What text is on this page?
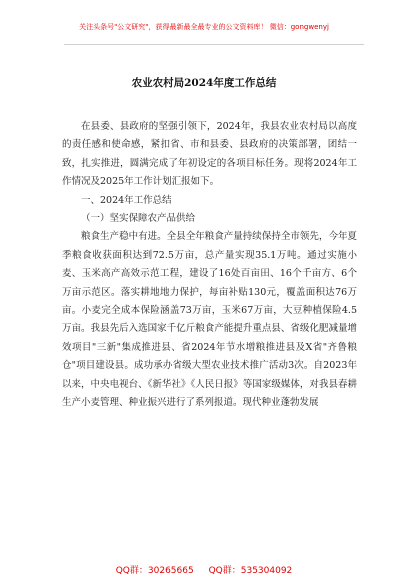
关注头条号"公文研究"，获得最新最全最专业的公文资料库！ 微信：gongwenyj
农业农村局2024年度工作总结

在县委、县政府的坚强引领下，2024年，我县农业农村局以高度的责任感和使命感，紧扣省、市和县委、县政府的决策部署，团结一致，扎实推进，圆满完成了年初设定的各项目标任务。现将2024年工作情况及2025年工作计划汇报如下。

一、2024年工作总结

（一）坚实保障农产品供给

粮食生产稳中有进。全县全年粮食产量持续保持全市领先，今年夏季粮食收获面积达到72.5万亩，总产量实现35.1万吨。通过实施小麦、玉米高产高效示范工程，建设了16处百亩田、16个千亩方、6个万亩示范区。落实耕地地力保护，每亩补贴130元，覆盖面积达76万亩。小麦完全成本保险涵盖73万亩，玉米67万亩，大豆种植保险4.5万亩。我县先后入选国家千亿斤粮食产能提升重点县、省级化肥减量增效项目"三新"集成推进县、省2024年节水增粮推进县及X省"齐鲁粮仓"项目建设县。成功承办省级大型农业技术推广活动3次。自2023年以来，中央电视台、《新华社》《人民日报》等国家级媒体，对我县春耕生产小麦管理、种业振兴进行了系列报道。现代种业蓬勃发展

QQ群：30265665 QQ群：535304092
